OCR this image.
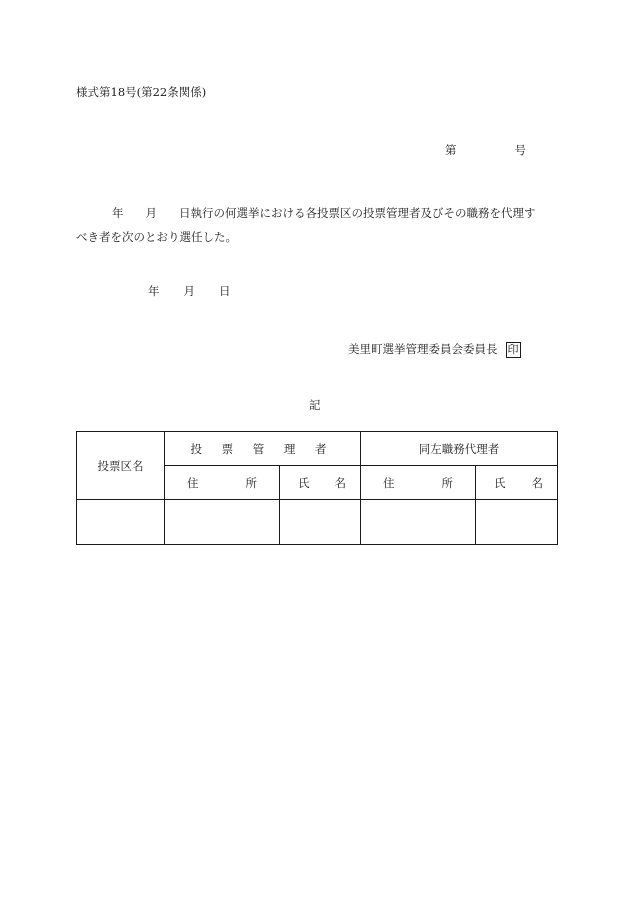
様式第18号(第22条関係)
第	号
年 月 日執行の何選挙における各投票区の投票管理者及びその職務を代理す
べき者を次のとおり選任した。
年 月 日
美里町選挙管理委員会委員長 印
記
投票区名	投 票 管 理 者		同左職務代理者	

	住 所	氏 名	住 所	氏 名
